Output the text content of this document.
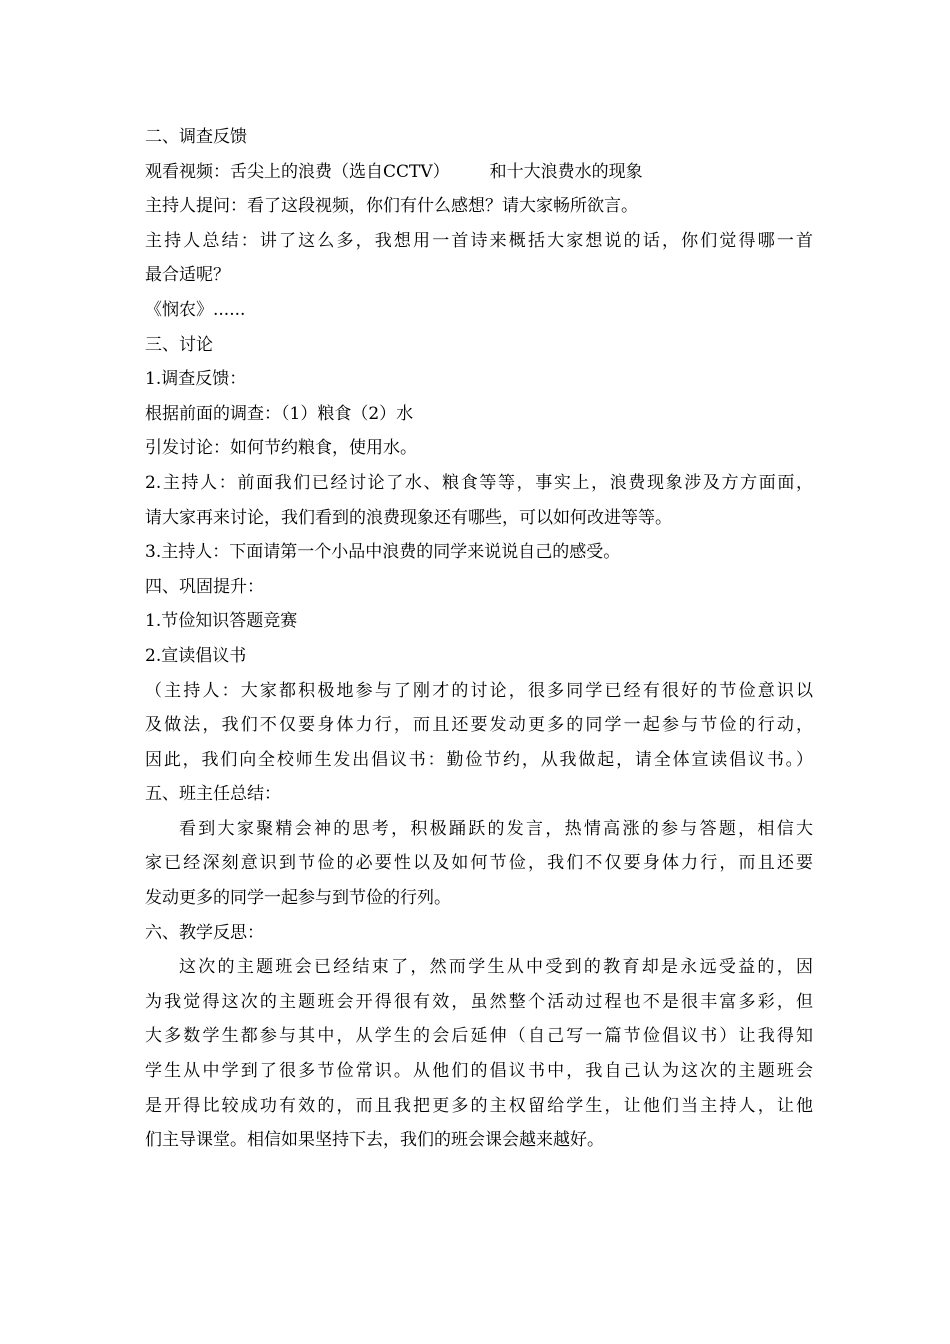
二、调查反馈
观看视频：舌尖上的浪费（选自CCTV） 和十大浪费水的现象
主持人提问：看了这段视频，你们有什么感想？请大家畅所欲言。
主持人总结：讲了这么多，我想用一首诗来概括大家想说的话，你们觉得哪一首
最合适呢？
《悯农》......
三、讨论
1.调查反馈：
根据前面的调查：（1）粮食（2）水
引发讨论：如何节约粮食，使用水。
2.主持人：前面我们已经讨论了水、粮食等等，事实上，浪费现象涉及方方面面，
请大家再来讨论，我们看到的浪费现象还有哪些，可以如何改进等等。
3.主持人：下面请第一个小品中浪费的同学来说说自己的感受。
四、巩固提升：
1.节俭知识答题竞赛
2.宣读倡议书
（主持人：大家都积极地参与了刚才的讨论，很多同学已经有很好的节俭意识以
及做法，我们不仅要身体力行，而且还要发动更多的同学一起参与节俭的行动，
因此，我们向全校师生发出倡议书：勤俭节约，从我做起，请全体宣读倡议书。）
五、班主任总结：
看到大家聚精会神的思考，积极踊跃的发言，热情高涨的参与答题，相信大
家已经深刻意识到节俭的必要性以及如何节俭，我们不仅要身体力行，而且还要
发动更多的同学一起参与到节俭的行列。
六、教学反思：
这次的主题班会已经结束了，然而学生从中受到的教育却是永远受益的，因
为我觉得这次的主题班会开得很有效，虽然整个活动过程也不是很丰富多彩，但
大多数学生都参与其中，从学生的会后延伸（自己写一篇节俭倡议书）让我得知
学生从中学到了很多节俭常识。从他们的倡议书中，我自己认为这次的主题班会
是开得比较成功有效的，而且我把更多的主权留给学生，让他们当主持人，让他
们主导课堂。相信如果坚持下去，我们的班会课会越来越好。
